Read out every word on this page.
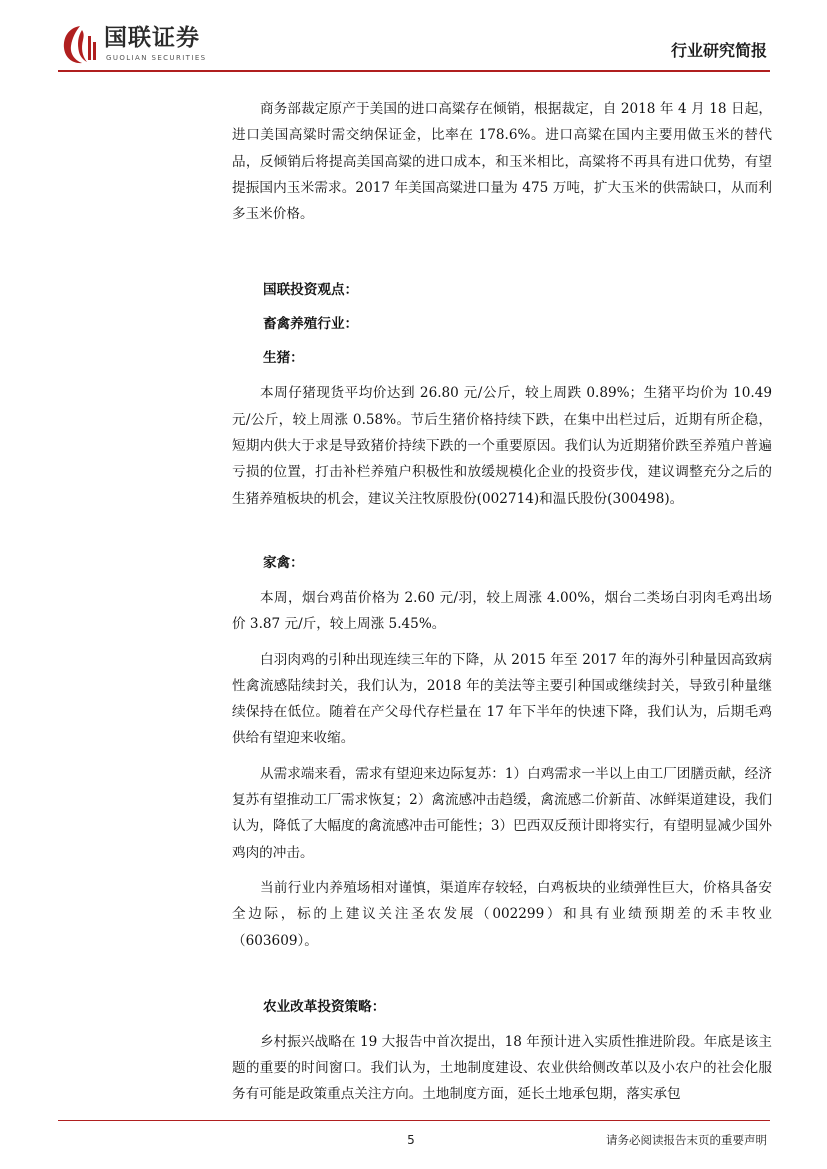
国联证券
GUOLIAN SECURITIES	行业研究简报

商务部裁定原产于美国的进口高粱存在倾销，根据裁定，自 2018 年 4 月 18 日起，进口美国高粱时需交纳保证金，比率在 178.6%。进口高粱在国内主要用做玉米的替代品，反倾销后将提高美国高粱的进口成本，和玉米相比，高粱将不再具有进口优势，有望提振国内玉米需求。2017 年美国高粱进口量为 475 万吨，扩大玉米的供需缺口，从而利多玉米价格。

国联投资观点：

畜禽养殖行业：

生猪：

本周仔猪现货平均价达到 26.80 元/公斤，较上周跌 0.89%；生猪平均价为 10.49 元/公斤，较上周涨 0.58%。节后生猪价格持续下跌，在集中出栏过后，近期有所企稳，短期内供大于求是导致猪价持续下跌的一个重要原因。我们认为近期猪价跌至养殖户普遍亏损的位置，打击补栏养殖户积极性和放缓规模化企业的投资步伐，建议调整充分之后的生猪养殖板块的机会，建议关注牧原股份(002714)和温氏股份(300498)。

家禽：

本周，烟台鸡苗价格为 2.60 元/羽，较上周涨 4.00%，烟台二类场白羽肉毛鸡出场价 3.87 元/斤，较上周涨 5.45%。

白羽肉鸡的引种出现连续三年的下降，从 2015 年至 2017 年的海外引种量因高致病性禽流感陆续封关，我们认为，2018 年的美法等主要引种国或继续封关，导致引种量继续保持在低位。随着在产父母代存栏量在 17 年下半年的快速下降，我们认为，后期毛鸡供给有望迎来收缩。

从需求端来看，需求有望迎来边际复苏：1）白鸡需求一半以上由工厂团膳贡献，经济复苏有望推动工厂需求恢复；2）禽流感冲击趋缓，禽流感二价新苗、冰鲜渠道建设，我们认为，降低了大幅度的禽流感冲击可能性；3）巴西双反预计即将实行，有望明显减少国外鸡肉的冲击。

当前行业内养殖场相对谨慎，渠道库存较轻，白鸡板块的业绩弹性巨大，价格具备安全边际，标的上建议关注圣农发展（002299）和具有业绩预期差的禾丰牧业（603609）。

农业改革投资策略：

乡村振兴战略在 19 大报告中首次提出，18 年预计进入实质性推进阶段。年底是该主题的重要的时间窗口。我们认为，土地制度建设、农业供给侧改革以及小农户的社会化服务有可能是政策重点关注方向。土地制度方面，延长土地承包期，落实承包

5	请务必阅读报告末页的重要声明
